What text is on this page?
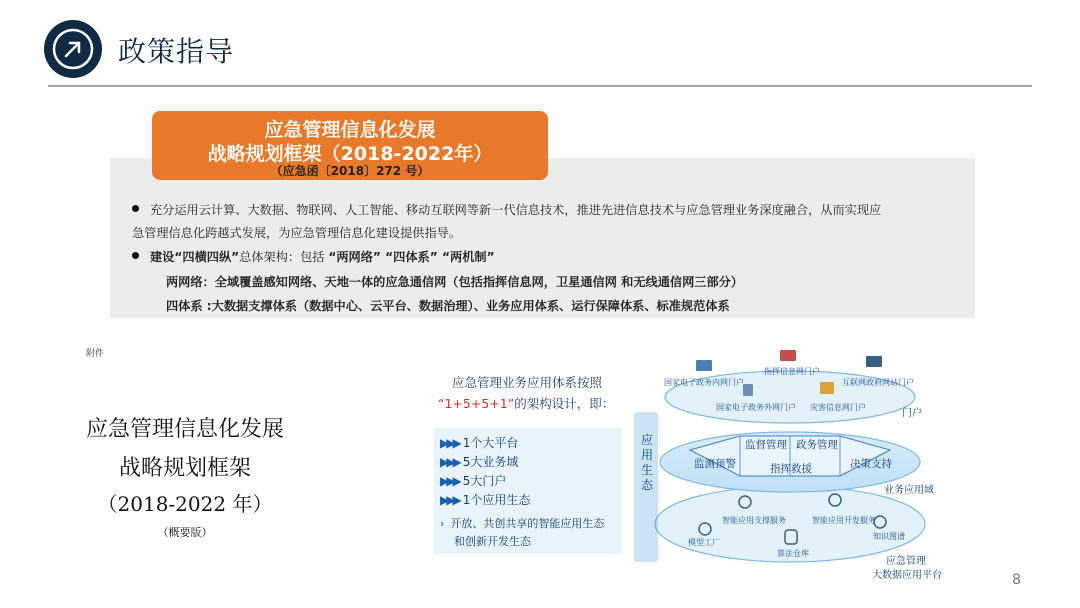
政策指导
充分运用云计算、大数据、物联网、人工智能、移动互联网等新一代信息技术，推进先进信息技术与应急管理业务深度融合，从而实现应
急管理信息化跨越式发展，为应急管理信息化建设提供指导。
建设“四横四纵”总体架构：包括 “两网络” “四体系” “两机制”
两网络：全域覆盖感知网络、天地一体的应急通信网（包括指挥信息网，卫星通信网 和无线通信网三部分）
四体系 :大数据支撑体系（数据中心、云平台、数据治理）、业务应用体系、运行保障体系、标准规范体系
应急管理信息化发展
战略规划框架（2018-2022年）
（应急函〔2018〕272 号）
附件
应急管理信息化发展
战略规划框架
（2018-2022 年）
（概要版）
应急管理业务应用体系按照
“1+5+5+1”的架构设计，即：
▶▶▶ 1个大平台
▶▶▶ 5大业务域
▶▶▶ 5大门户
▶▶▶ 1个应用生态
› 开放、共创共享的智能应用生态
和创新开发生态
应用生态
国家电子政务内网门户
指挥信息网门户
互联网政府网站门户
国家电子政务外网门户 灾害信息网门户
门户
监督管理 政务管理
监测预警	指挥救援	决策支持
业务应用域
智能应用支撑服务	智能应用开发服务
知识图谱
模型工厂
算法仓库
应急管理
大数据应用平台	8
